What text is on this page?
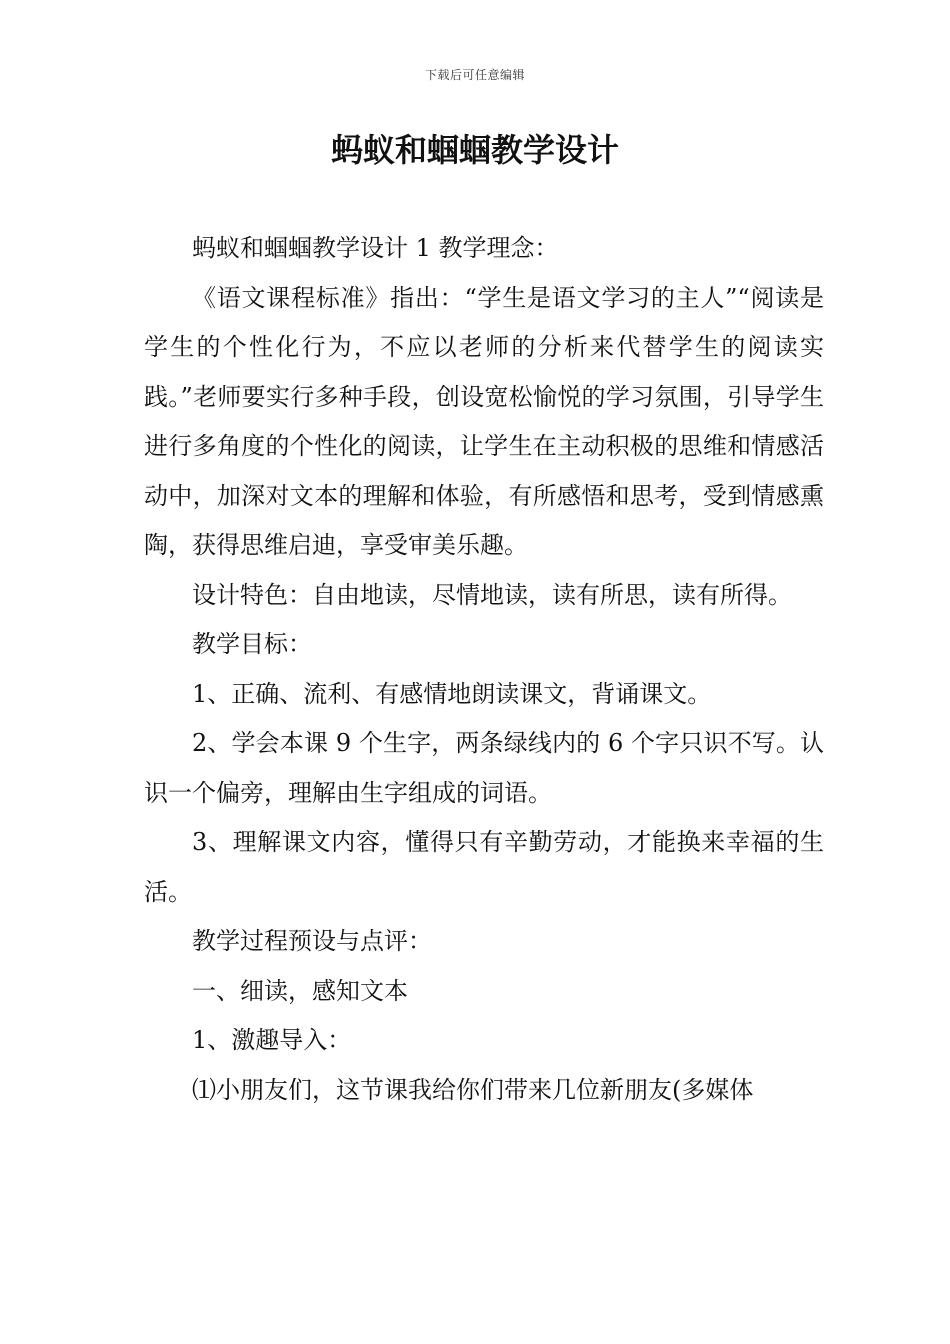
下载后可任意编辑
蚂蚁和蝈蝈教学设计

蚂蚁和蝈蝈教学设计 1 教学理念：

《语文课程标准》指出：“学生是语文学习的主人”“阅读是学生的个性化行为，不应以老师的分析来代替学生的阅读实践。”老师要实行多种手段，创设宽松愉悦的学习氛围，引导学生进行多角度的个性化的阅读，让学生在主动积极的思维和情感活动中，加深对文本的理解和体验，有所感悟和思考，受到情感熏陶，获得思维启迪，享受审美乐趣。

设计特色：自由地读，尽情地读，读有所思，读有所得。

教学目标：

1、正确、流利、有感情地朗读课文，背诵课文。

2、学会本课 9 个生字，两条绿线内的 6 个字只识不写。认识一个偏旁，理解由生字组成的词语。

3、理解课文内容，懂得只有辛勤劳动，才能换来幸福的生活。

教学过程预设与点评：

一、细读，感知文本

1、激趣导入：

⑴小朋友们，这节课我给你们带来几位新朋友(多媒体
